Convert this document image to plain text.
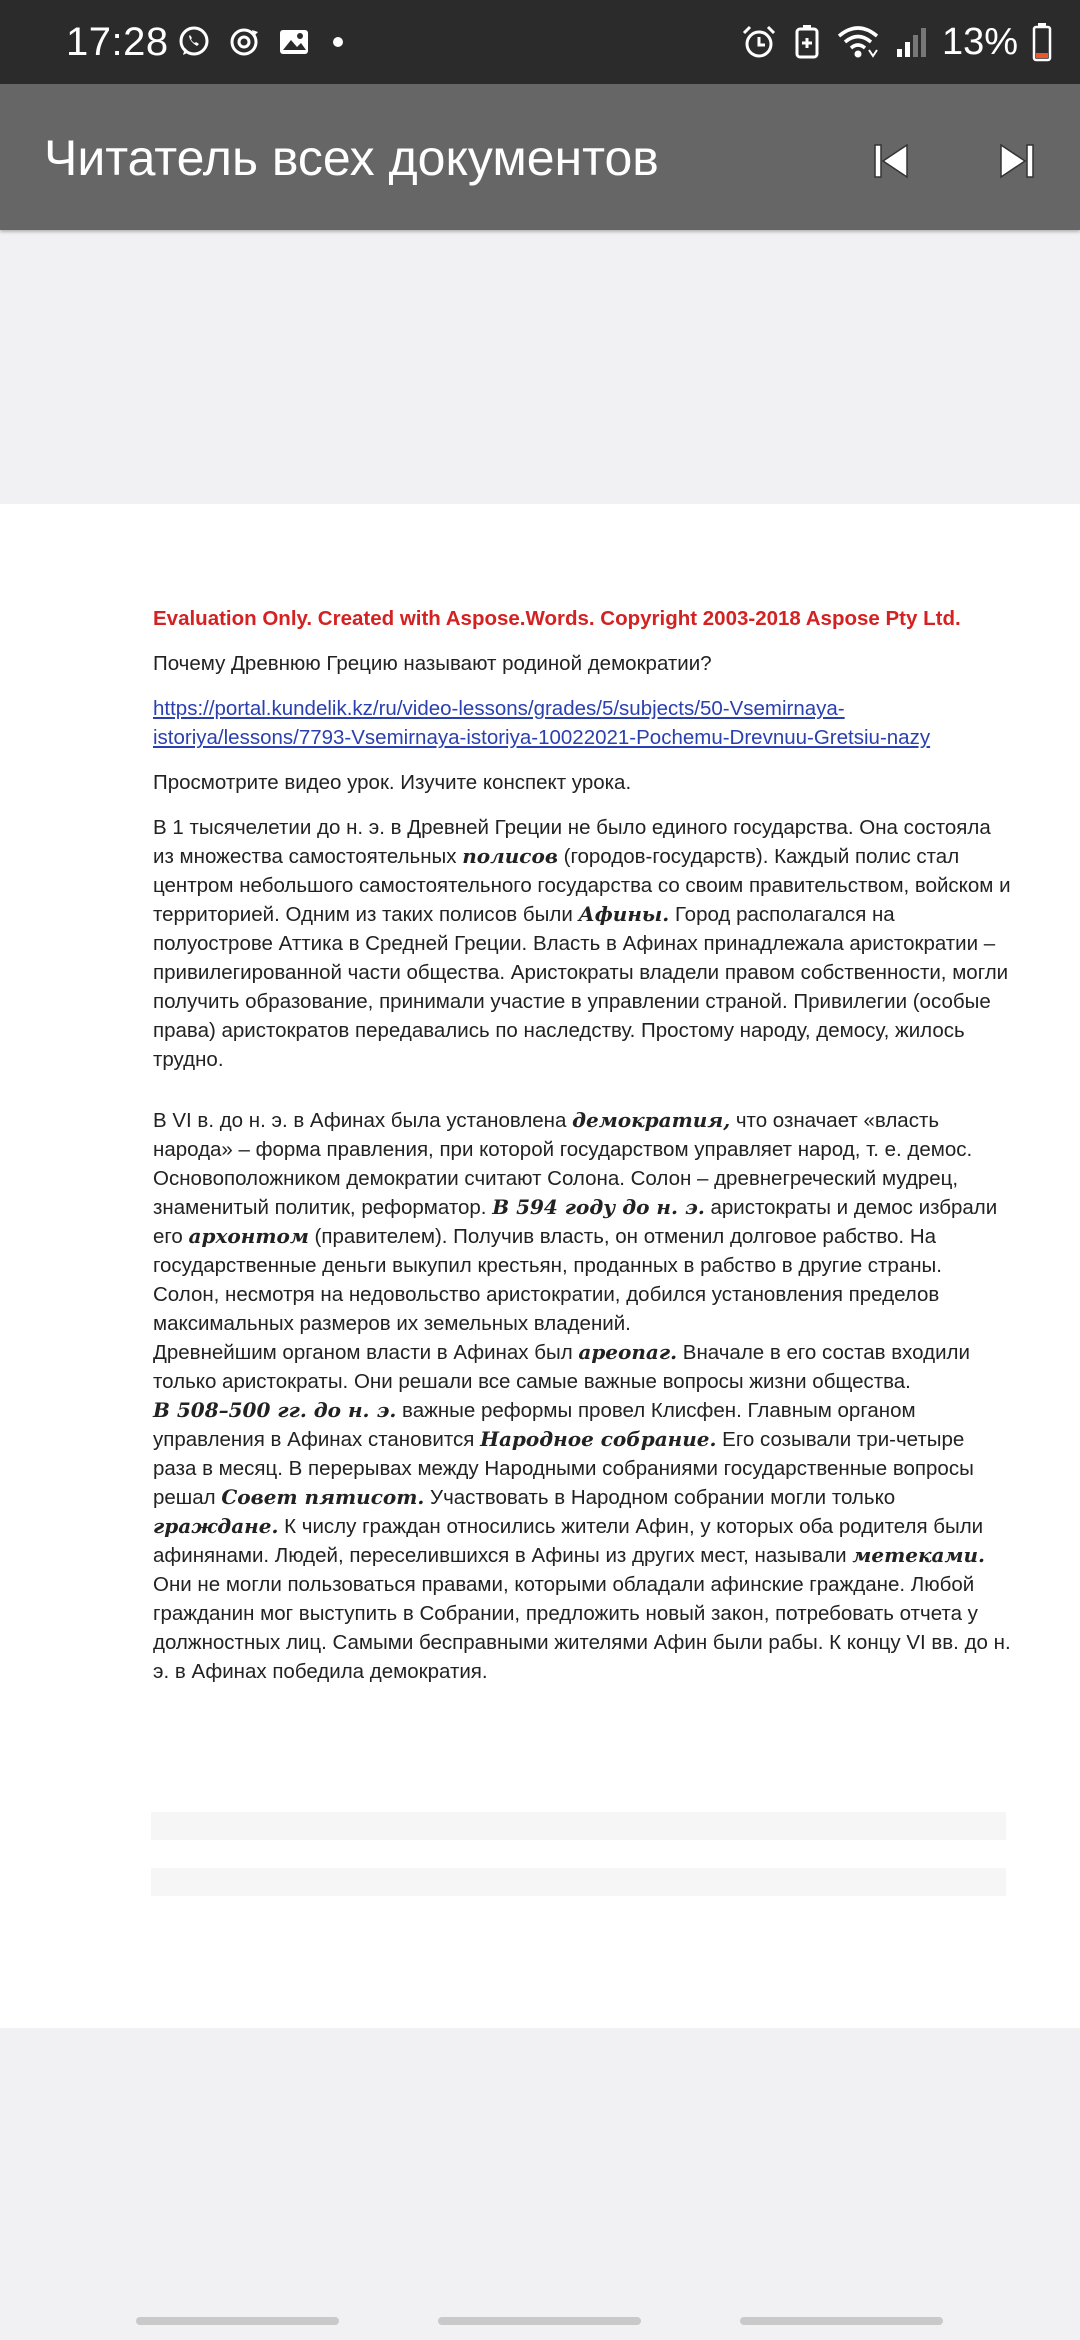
17:28	13%
Читатель всех документов
Evaluation Only. Created with Aspose.Words. Copyright 2003-2018 Aspose Pty Ltd.

Почему Древнюю Грецию называют родиной демократии?

https://portal.kundelik.kz/ru/video-lessons/grades/5/subjects/50-Vsemirnaya-
istoriya/lessons/7793-Vsemirnaya-istoriya-10022021-Pochemu-Drevnuu-Gretsiu-nazy

Просмотрите видео урок. Изучите конспект урока.

В 1 тысячелетии до н. э. в Древней Греции не было единого государства. Она состояла из множества самостоятельных полисов (городов-государств). Каждый полис стал центром небольшого самостоятельного государства со своим правительством, войском и территорией. Одним из таких полисов были Афины. Город располагался на полуострове Аттика в Средней Греции. Власть в Афинах принадлежала аристократии – привилегированной части общества. Аристократы владели правом собственности, могли получить образование, принимали участие в управлении страной. Привилегии (особые права) аристократов передавались по наследству. Простому народу, демосу, жилось трудно.

В VI в. до н. э. в Афинах была установлена демократия, что означает «власть народа» – форма правления, при которой государством управляет народ, т. е. демос. Основоположником демократии считают Солона. Солон – древнегреческий мудрец, знаменитый политик, реформатор. В 594 году до н. э. аристократы и демос избрали его архонтом (правителем). Получив власть, он отменил долговое рабство. На государственные деньги выкупил крестьян, проданных в рабство в другие страны. Солон, несмотря на недовольство аристократии, добился установления пределов максимальных размеров их земельных владений.

Древнейшим органом власти в Афинах был ареопаг. Вначале в его состав входили только аристократы. Они решали все самые важные вопросы жизни общества.

В 508–500 гг. до н. э. важные реформы провел Клисфен. Главным органом управления в Афинах становится Народное собрание. Его созывали три-четыре раза в месяц. В перерывах между Народными собраниями государственные вопросы решал Совет пятисот. Участвовать в Народном собрании могли только граждане. К числу граждан относились жители Афин, у которых оба родителя были афинянами. Людей, переселившихся в Афины из других мест, называли метеками. Они не могли пользоваться правами, которыми обладали афинские граждане. Любой гражданин мог выступить в Собрании, предложить новый закон, потребовать отчета у должностных лиц. Самыми бесправными жителями Афин были рабы. К концу VI вв. до н. э. в Афинах победила демократия.
